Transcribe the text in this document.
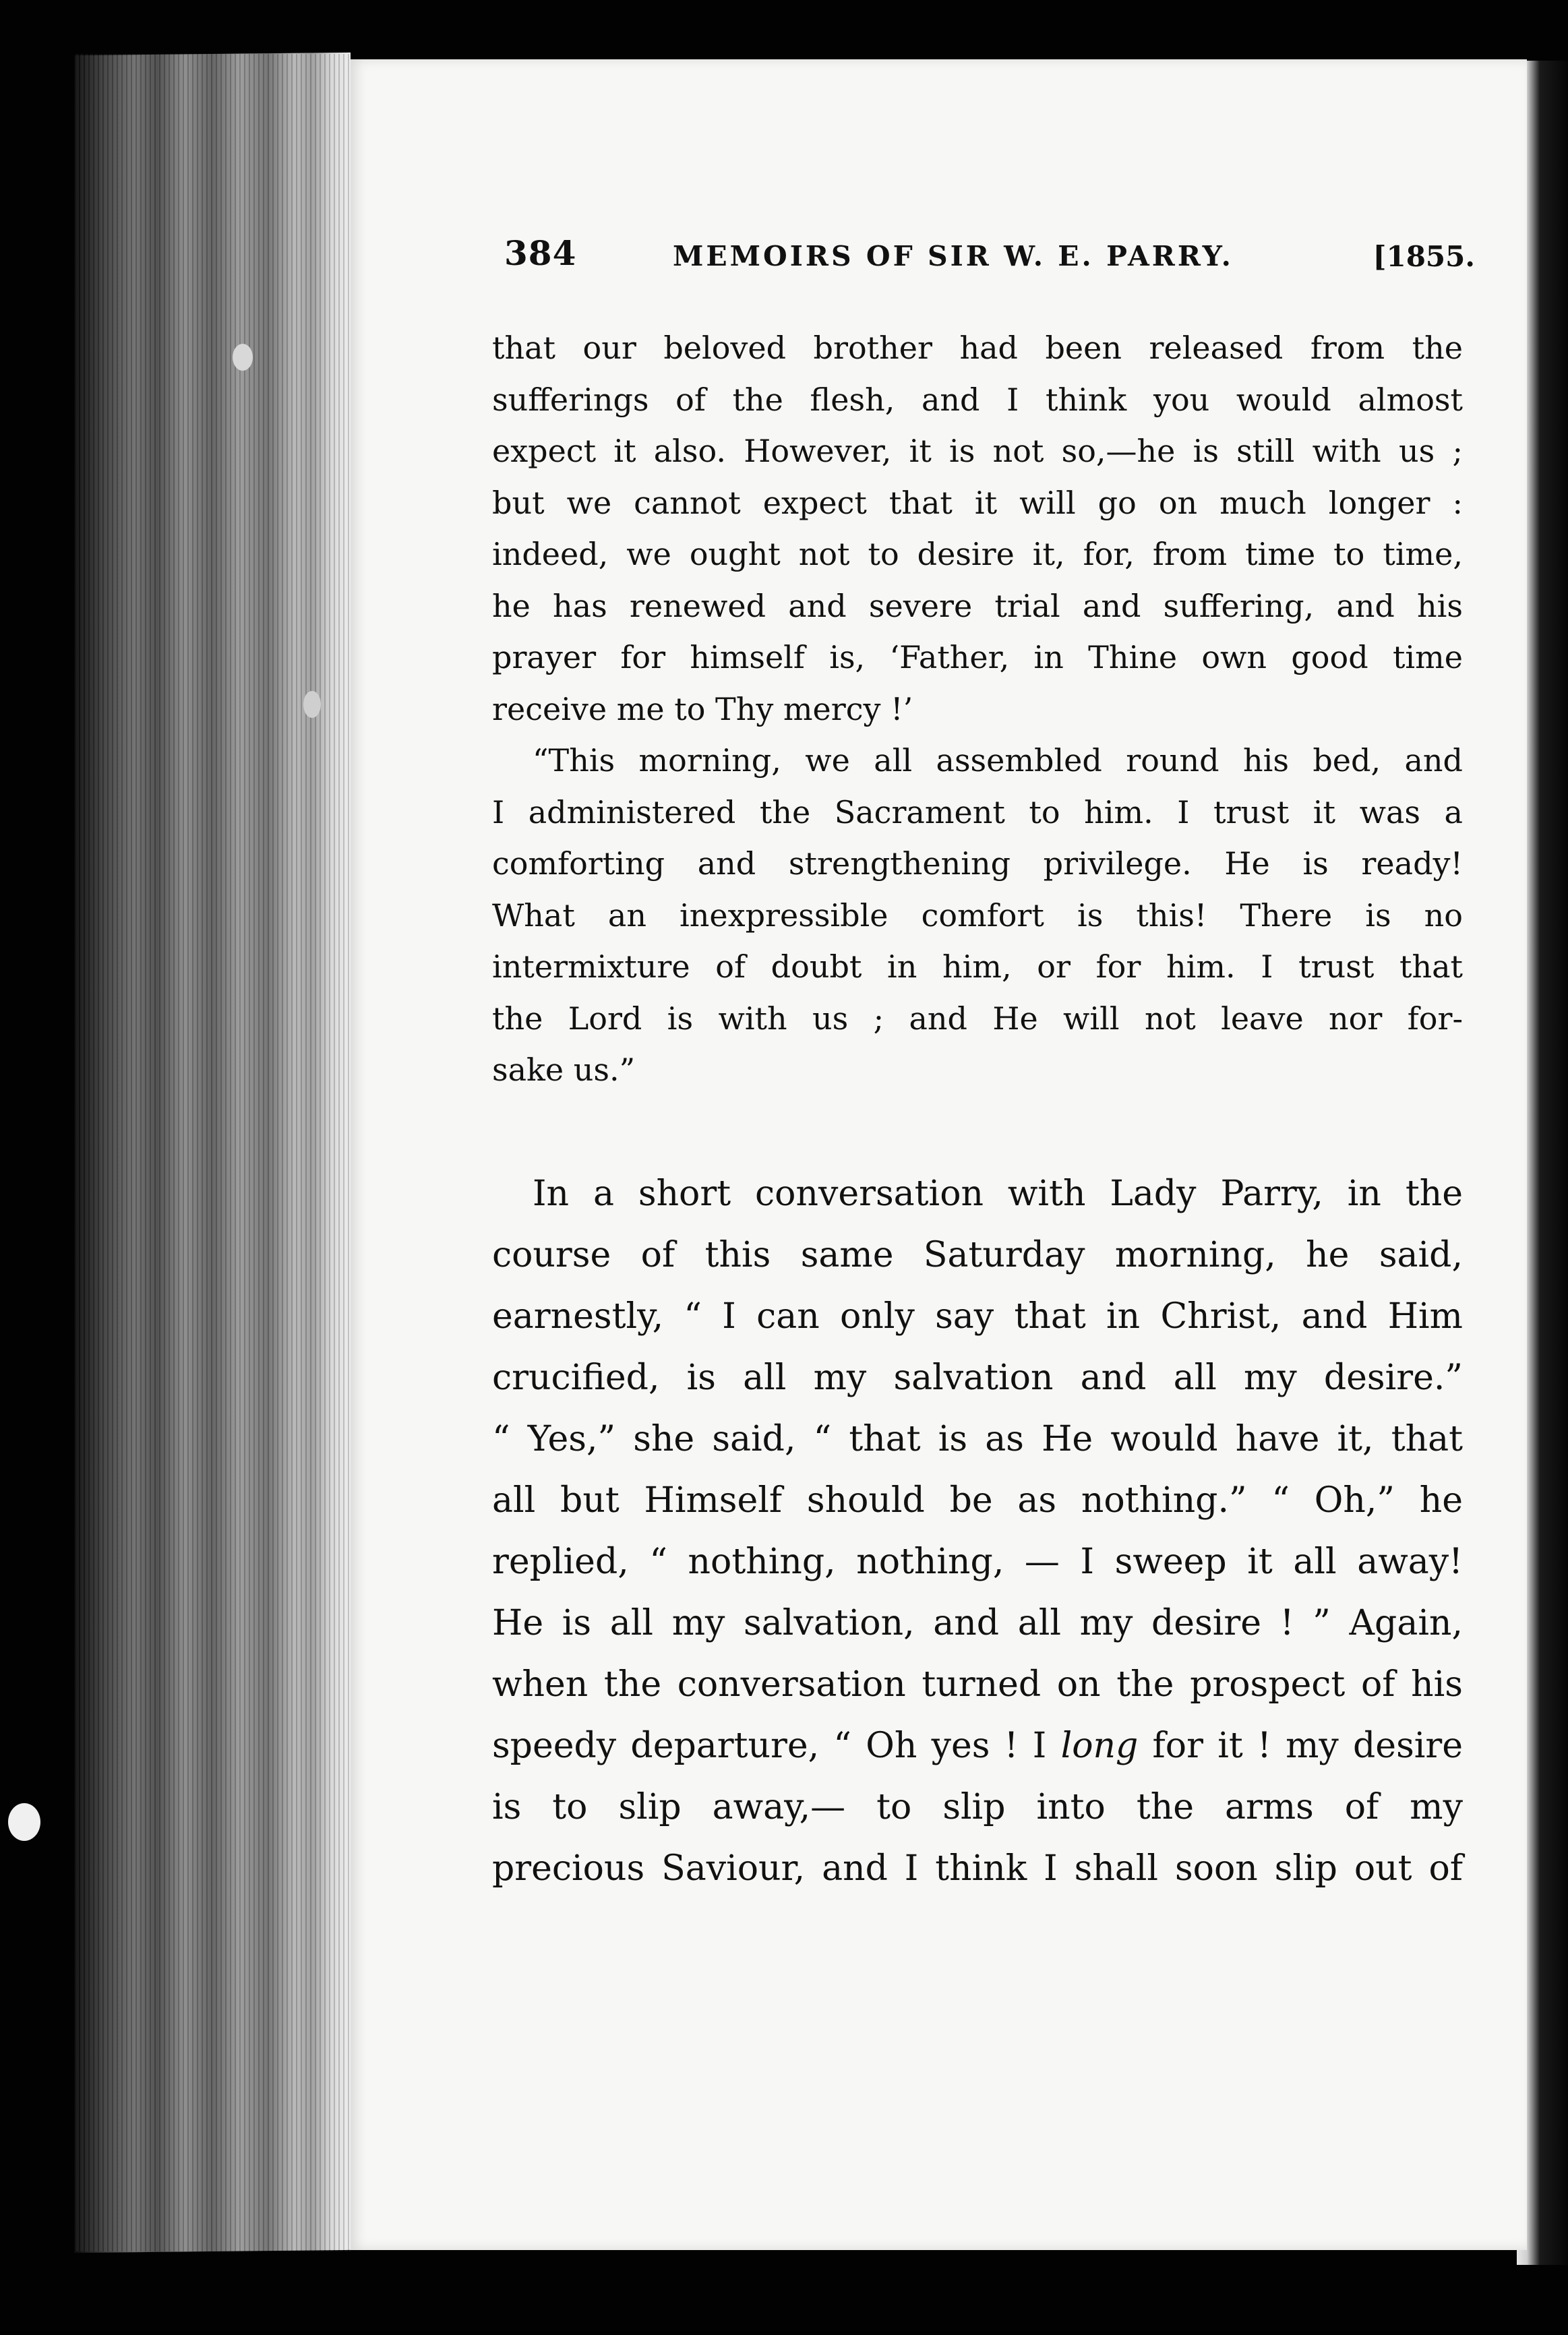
384	MEMOIRS OF SIR W. E. PARRY.	[1855.
that our beloved brother had been released from the
sufferings of the flesh, and I think you would almost
expect it also. However, it is not so,—he is still with us ;
but we cannot expect that it will go on much longer :
indeed, we ought not to desire it, for, from time to time,
he has renewed and severe trial and suffering, and his
prayer for himself is, ‘Father, in Thine own good time
receive me to Thy mercy !’
“This morning, we all assembled round his bed, and
I administered the Sacrament to him. I trust it was a
comforting and strengthening privilege. He is ready!
What an inexpressible comfort is this! There is no
intermixture of doubt in him, or for him. I trust that
the Lord is with us ; and He will not leave nor for-
sake us.”
In a short conversation with Lady Parry, in the
course of this same Saturday morning, he said,
earnestly, “ I can only say that in Christ, and Him
crucified, is all my salvation and all my desire.”
“ Yes,” she said, “ that is as He would have it, that
all but Himself should be as nothing.” “ Oh,” he
replied, “ nothing, nothing, — I sweep it all away!
He is all my salvation, and all my desire ! ” Again,
when the conversation turned on the prospect of his
speedy departure, “ Oh yes ! I long for it ! my desire
is to slip away,— to slip into the arms of my
precious Saviour, and I think I shall soon slip out of
